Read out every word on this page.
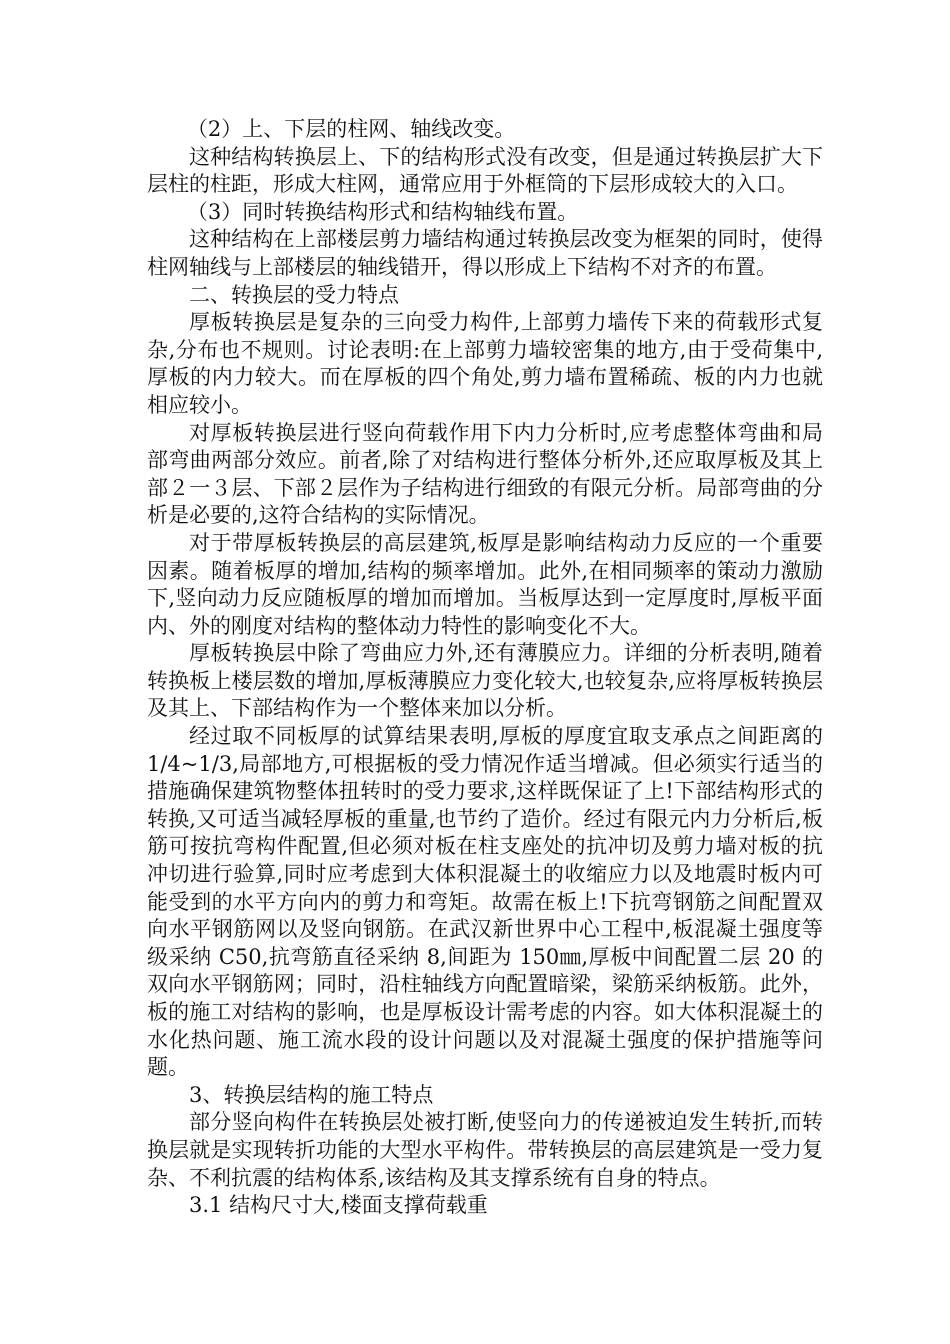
（2）上、下层的柱网、轴线改变。

这种结构转换层上、下的结构形式没有改变，但是通过转换层扩大下层柱的柱距，形成大柱网，通常应用于外框筒的下层形成较大的入口。

（3）同时转换结构形式和结构轴线布置。

这种结构在上部楼层剪力墙结构通过转换层改变为框架的同时，使得柱网轴线与上部楼层的轴线错开，得以形成上下结构不对齐的布置。

二、转换层的受力特点

厚板转换层是复杂的三向受力构件,上部剪力墙传下来的荷载形式复杂,分布也不规则。讨论表明:在上部剪力墙较密集的地方,由于受荷集中,厚板的内力较大。而在厚板的四个角处,剪力墙布置稀疏、板的内力也就相应较小。

对厚板转换层进行竖向荷载作用下内力分析时,应考虑整体弯曲和局部弯曲两部分效应。前者,除了对结构进行整体分析外,还应取厚板及其上部２一３层、下部２层作为子结构进行细致的有限元分析。局部弯曲的分析是必要的,这符合结构的实际情况。

对于带厚板转换层的高层建筑,板厚是影响结构动力反应的一个重要因素。随着板厚的增加,结构的频率增加。此外,在相同频率的策动力激励下,竖向动力反应随板厚的增加而增加。当板厚达到一定厚度时,厚板平面内、外的刚度对结构的整体动力特性的影响变化不大。

厚板转换层中除了弯曲应力外,还有薄膜应力。详细的分析表明,随着转换板上楼层数的增加,厚板薄膜应力变化较大,也较复杂,应将厚板转换层及其上、下部结构作为一个整体来加以分析。

经过取不同板厚的试算结果表明,厚板的厚度宜取支承点之间距离的 1/4~1/3,局部地方,可根据板的受力情况作适当增减。但必须实行适当的措施确保建筑物整体扭转时的受力要求,这样既保证了上!下部结构形式的转换,又可适当减轻厚板的重量,也节约了造价。经过有限元内力分析后,板筋可按抗弯构件配置,但必须对板在柱支座处的抗冲切及剪力墙对板的抗冲切进行验算,同时应考虑到大体积混凝土的收缩应力以及地震时板内可能受到的水平方向内的剪力和弯矩。故需在板上!下抗弯钢筋之间配置双向水平钢筋网以及竖向钢筋。在武汉新世界中心工程中,板混凝土强度等级采纳 C50,抗弯筋直径采纳 8,间距为 150㎜,厚板中间配置二层 20 的双向水平钢筋网；同时，沿柱轴线方向配置暗梁，梁筋采纳板筋。此外，板的施工对结构的影响，也是厚板设计需考虑的内容。如大体积混凝土的水化热问题、施工流水段的设计问题以及对混凝土强度的保护措施等问题。

3、转换层结构的施工特点

部分竖向构件在转换层处被打断,使竖向力的传递被迫发生转折,而转换层就是实现转折功能的大型水平构件。带转换层的高层建筑是一受力复杂、不利抗震的结构体系,该结构及其支撑系统有自身的特点。

3.1 结构尺寸大,楼面支撑荷载重
